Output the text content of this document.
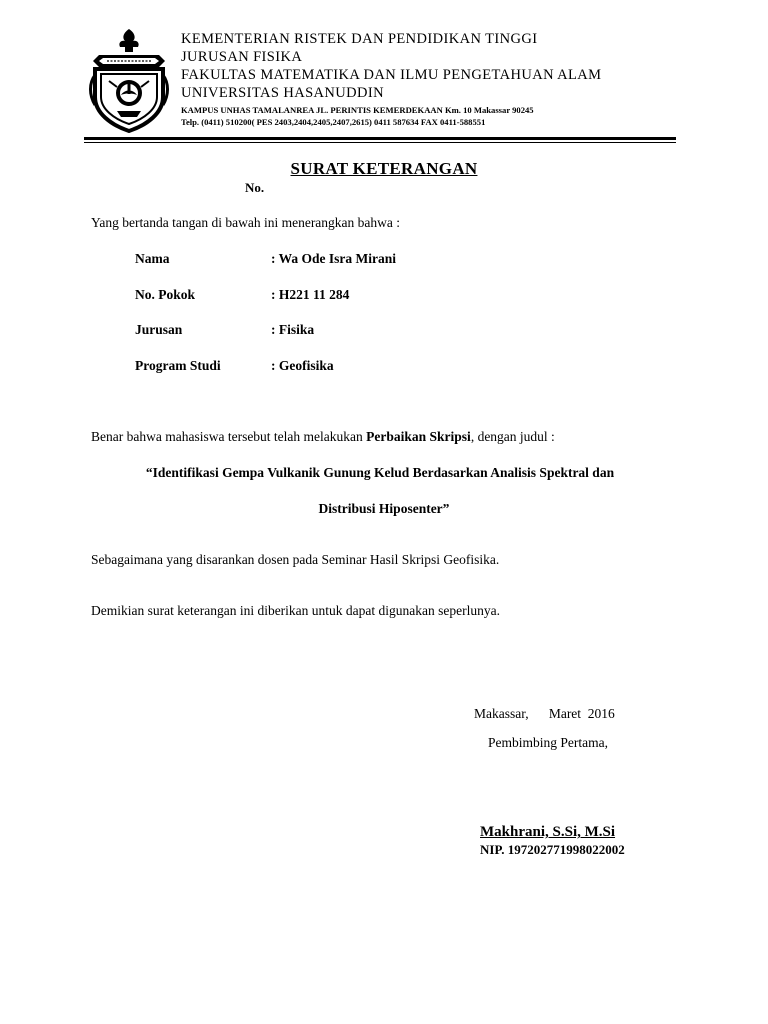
KEMENTERIAN RISTEK DAN PENDIDIKAN TINGGI
JURUSAN FISIKA
FAKULTAS MATEMATIKA DAN ILMU PENGETAHUAN ALAM
UNIVERSITAS HASANUDDIN
KAMPUS UNHAS TAMALANREA JL. PERINTIS KEMERDEKAAN Km. 10 Makassar 90245
Telp. (0411) 510200( PES 2403,2404,2405,2407,2615) 0411 587634 FAX 0411-588551
SURAT KETERANGAN
No.
Yang bertanda tangan di bawah ini menerangkan bahwa :
Nama	: Wa Ode Isra Mirani
No. Pokok	: H221 11 284
Jurusan	: Fisika
Program Studi	: Geofisika
Benar bahwa mahasiswa tersebut telah melakukan Perbaikan Skripsi, dengan judul :
“Identifikasi Gempa Vulkanik Gunung Kelud Berdasarkan Analisis Spektral dan
Distribusi Hiposenter”
Sebagaimana yang disarankan dosen pada Seminar Hasil Skripsi Geofisika.
Demikian surat keterangan ini diberikan untuk dapat digunakan seperlunya.
Makassar,      Maret  2016
Pembimbing Pertama,
Makhrani, S.Si, M.Si
NIP. 197202771998022002
